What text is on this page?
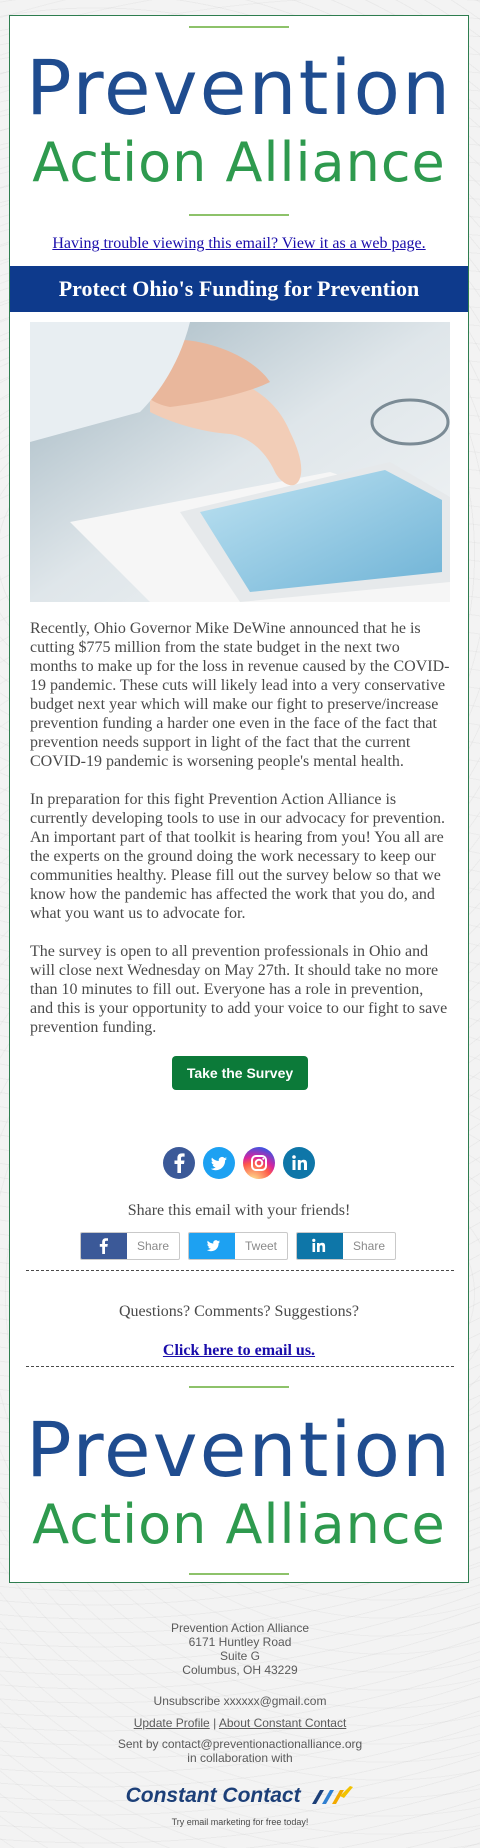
Prevention
Action Alliance
Having trouble viewing this email? View it as a web page.
Protect Ohio's Funding for Prevention

Recently, Ohio Governor Mike DeWine announced that he is cutting $775 million from the state budget in the next two months to make up for the loss in revenue caused by the COVID-19 pandemic. These cuts will likely lead into a very conservative budget next year which will make our fight to preserve/increase prevention funding a harder one even in the face of the fact that prevention needs support in light of the fact that the current COVID-19 pandemic is worsening people's mental health.

In preparation for this fight Prevention Action Alliance is currently developing tools to use in our advocacy for prevention. An important part of that toolkit is hearing from you! You all are the experts on the ground doing the work necessary to keep our communities healthy. Please fill out the survey below so that we know how the pandemic has affected the work that you do, and what you want us to advocate for.

The survey is open to all prevention professionals in Ohio and will close next Wednesday on May 27th. It should take no more than 10 minutes to fill out. Everyone has a role in prevention, and this is your opportunity to add your voice to our fight to save prevention funding.

Take the Survey

Share this email with your friends!
Share	Tweet	Share
Questions? Comments? Suggestions?
Click here to email us.
Prevention
Action Alliance
Prevention Action Alliance
6171 Huntley Road
Suite G
Columbus, OH 43229
Unsubscribe xxxxxx@gmail.com
Update Profile | About Constant Contact
Sent by contact@preventionactionalliance.org
in collaboration with
Constant Contact
Try email marketing for free today!
